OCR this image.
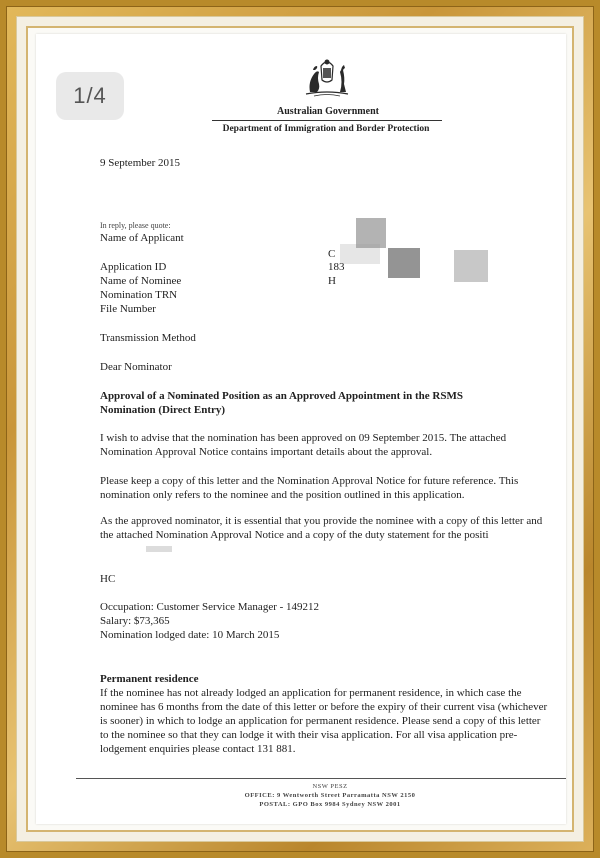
1/4
Australian Government
Department of Immigration and Border Protection
9 September 2015
Name of Applicant
C
Application ID	183
Name of Nominee	H
Nomination TRN
File Number
Transmission Method
Dear Nominator
Approval of a Nominated Position as an Approved Appointment in the RSMS Nomination (Direct Entry)
I wish to advise that the nomination has been approved on 09 September 2015. The attached Nomination Approval Notice contains important details about the approval.
Please keep a copy of this letter and the Nomination Approval Notice for future reference. This nomination only refers to the nominee and the position outlined in this application.
As the approved nominator, it is essential that you provide the nominee with a copy of this letter and the attached Nomination Approval Notice and a copy of the duty statement for the positi
HC
Occupation: Customer Service Manager - 149212
Salary: $73,365
Nomination lodged date: 10 March 2015
Permanent residence
If the nominee has not already lodged an application for permanent residence, in which case the nominee has 6 months from the date of this letter or before the expiry of their current visa (whichever is sooner) in which to lodge an application for permanent residence. Please send a copy of this letter to the nominee so that they can lodge it with their visa application. For all visa application pre-lodgement enquiries please contact 131 881.
NSW PESZ
OFFICE: 9 Wentworth Street Parramatta NSW 2150
POSTAL: GPO Box 9984 Sydney NSW 2001
